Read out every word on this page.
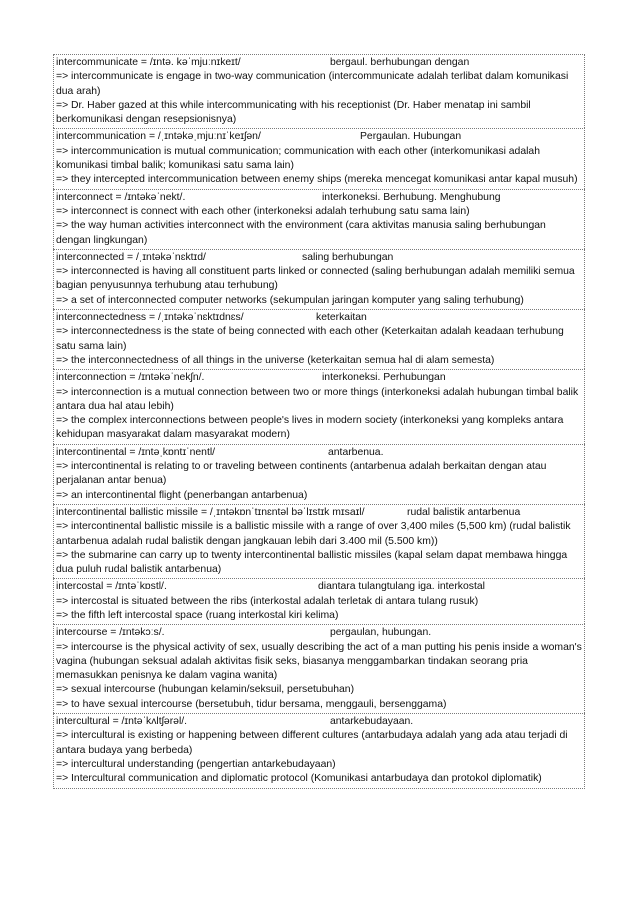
intercommunicate = /ɪntə. kəˈmjuːnɪkeɪt/	bergaul. berhubungan dengan
=> intercommunicate is engage in two-way communication (intercommunicate adalah terlibat dalam komunikasi dua arah)
=> Dr. Haber gazed at this while intercommunicating with his receptionist (Dr. Haber menatap ini sambil berkomunikasi dengan resepsionisnya)
intercommunication = /ˌɪntəkəˌmjuːnɪˈkeɪʃən/	Pergaulan. Hubungan
=> intercommunication is mutual communication; communication with each other (interkomunikasi adalah komunikasi timbal balik; komunikasi satu sama lain)
=> they intercepted intercommunication between enemy ships (mereka mencegat komunikasi antar kapal musuh)
interconnect = /ɪntəkəˈnekt/.	interkoneksi. Berhubung. Menghubung
=> interconnect is connect with each other (interkoneksi adalah terhubung satu sama lain)
=> the way human activities interconnect with the environment (cara aktivitas manusia saling berhubungan dengan lingkungan)
interconnected = /ˌɪntəkəˈnɛktɪd/	saling berhubungan
=> interconnected is having all constituent parts linked or connected (saling berhubungan adalah memiliki semua bagian penyusunnya terhubung atau terhubung)
=> a set of interconnected computer networks (sekumpulan jaringan komputer yang saling terhubung)
interconnectedness = /ˌɪntəkəˈnɛktɪdnɛs/	keterkaitan
=> interconnectedness is the state of being connected with each other (Keterkaitan adalah keadaan terhubung satu sama lain)
=> the interconnectedness of all things in the universe (keterkaitan semua hal di alam semesta)
interconnection = /ɪntəkəˈnekʃn/.	interkoneksi. Perhubungan
=> interconnection is a mutual connection between two or more things (interkoneksi adalah hubungan timbal balik antara dua hal atau lebih)
=> the complex interconnections between people's lives in modern society (interkoneksi yang kompleks antara kehidupan masyarakat dalam masyarakat modern)
intercontinental = /ɪntəˌkɒntɪˈnentl/	antarbenua.
=> intercontinental is relating to or traveling between continents (antarbenua adalah berkaitan dengan atau perjalanan antar benua)
=> an intercontinental flight (penerbangan antarbenua)
intercontinental ballistic missile = /ˌɪntəkɒnˈtɪnɛntəl bəˈlɪstɪk mɪsaɪl/	rudal balistik antarbenua
=> intercontinental ballistic missile is a ballistic missile with a range of over 3,400 miles (5,500 km) (rudal balistik antarbenua adalah rudal balistik dengan jangkauan lebih dari 3.400 mil (5.500 km))
=> the submarine can carry up to twenty intercontinental ballistic missiles (kapal selam dapat membawa hingga dua puluh rudal balistik antarbenua)
intercostal = /ɪntəˈkɒstl/.	diantara tulangtulang iga. interkostal
=> intercostal is situated between the ribs (interkostal adalah terletak di antara tulang rusuk)
=> the fifth left intercostal space (ruang interkostal kiri kelima)
intercourse = /ɪntəkɔːs/.	pergaulan, hubungan.
=> intercourse is the physical activity of sex, usually describing the act of a man putting his penis inside a woman's vagina (hubungan seksual adalah aktivitas fisik seks, biasanya menggambarkan tindakan seorang pria memasukkan penisnya ke dalam vagina wanita)
=> sexual intercourse (hubungan kelamin/seksuil, persetubuhan)
=> to have sexual intercourse (bersetubuh, tidur bersama, menggauli, bersenggama)
intercultural = /ɪntəˈkʌltʃərəl/.	antarkebudayaan.
=> intercultural is existing or happening between different cultures (antarbudaya adalah yang ada atau terjadi di antara budaya yang berbeda)
=> intercultural understanding (pengertian antarkebudayaan)
=> Intercultural communication and diplomatic protocol (Komunikasi antarbudaya dan protokol diplomatik)
